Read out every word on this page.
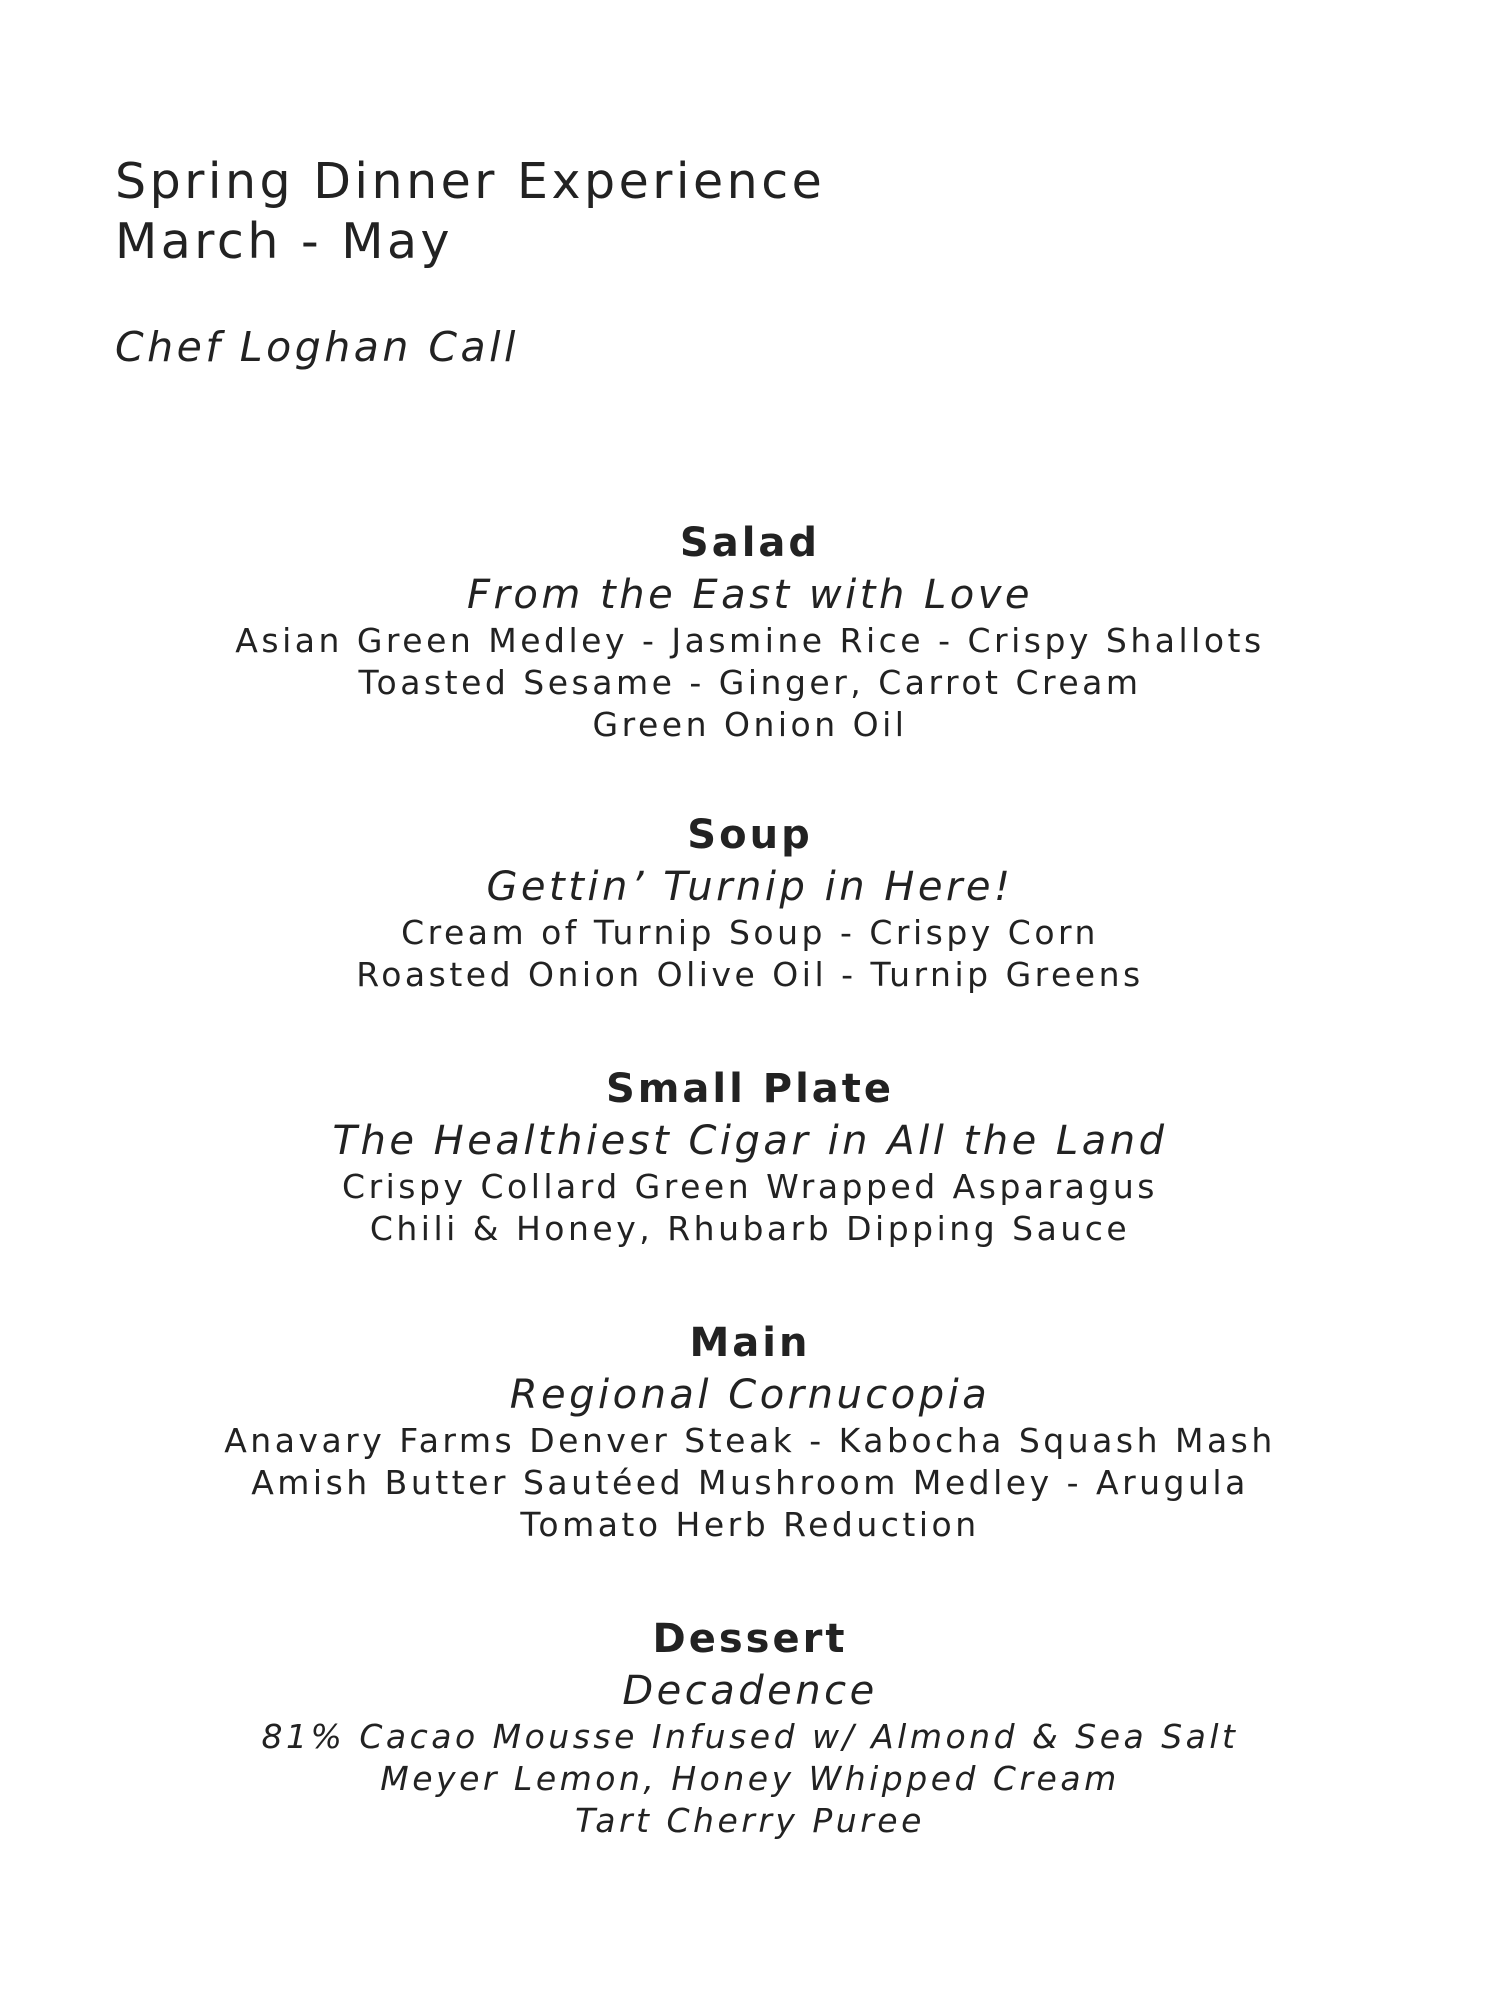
Spring Dinner Experience
March - May
Chef Loghan Call
Salad
From the East with Love
Asian Green Medley - Jasmine Rice - Crispy Shallots
Toasted Sesame - Ginger, Carrot Cream
Green Onion Oil
Soup
Gettin’ Turnip in Here!
Cream of Turnip Soup - Crispy Corn
Roasted Onion Olive Oil - Turnip Greens
Small Plate
The Healthiest Cigar in All the Land
Crispy Collard Green Wrapped Asparagus
Chili & Honey, Rhubarb Dipping Sauce
Main
Regional Cornucopia
Anavary Farms Denver Steak - Kabocha Squash Mash
Amish Butter Sautéed Mushroom Medley - Arugula
Tomato Herb Reduction
Dessert
Decadence
81% Cacao Mousse Infused w/ Almond & Sea Salt
Meyer Lemon, Honey Whipped Cream
Tart Cherry Puree
